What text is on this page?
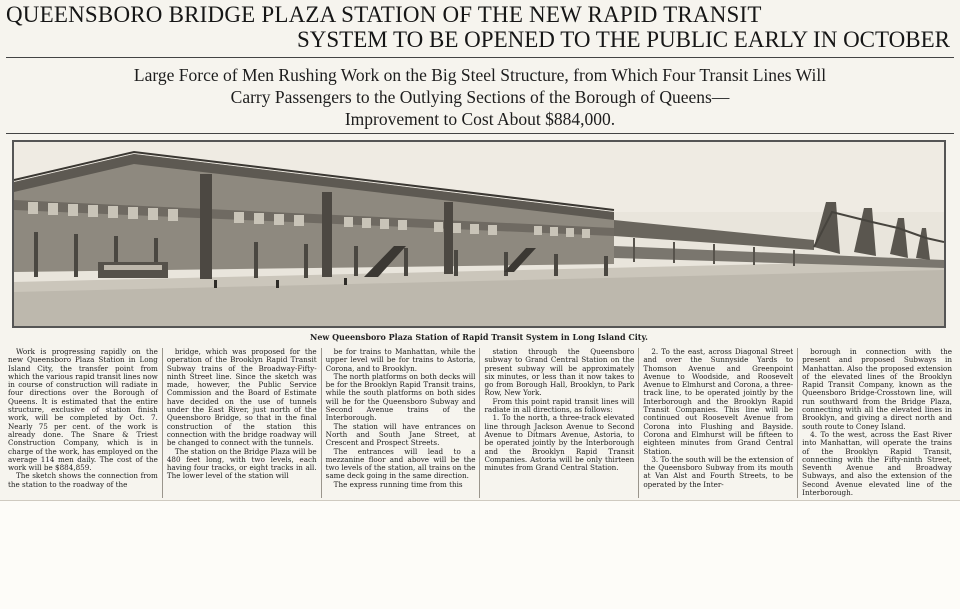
QUEENSBORO BRIDGE PLAZA STATION OF THE NEW RAPID TRANSIT
SYSTEM TO BE OPENED TO THE PUBLIC EARLY IN OCTOBER
Large Force of Men Rushing Work on the Big Steel Structure, from Which Four Transit Lines Will
Carry Passengers to the Outlying Sections of the Borough of Queens—
Improvement to Cost About $884,000.
New Queensboro Plaza Station of Rapid Transit System in Long Island City.

Work is progressing rapidly on the new Queensboro Plaza Station in Long Island City, the transfer point from which the various rapid transit lines now in course of construction will radiate in four directions over the Borough of Queens. It is estimated that the entire structure, exclusive of station finish work, will be completed by Oct. 7. Nearly 75 per cent. of the work is already done. The Snare & Triest Construction Company, which is in charge of the work, has employed on the average 114 men daily. The cost of the work will be $884,859.

The sketch shows the connection from the station to the roadway of the

bridge, which was proposed for the operation of the Brooklyn Rapid Transit Subway trains of the Broadway-Fifty-ninth Street line. Since the sketch was made, however, the Public Service Commission and the Board of Estimate have decided on the use of tunnels under the East River, just north of the Queensboro Bridge, so that in the final construction of the station this connection with the bridge roadway will be changed to connect with the tunnels.

The station on the Bridge Plaza will be 480 feet long, with two levels, each having four tracks, or eight tracks in all. The lower level of the station will

be for trains to Manhattan, while the upper level will be for trains to Astoria, Corona, and to Brooklyn.

The north platforms on both decks will be for the Brooklyn Rapid Transit trains, while the south platforms on both sides will be for the Queensboro Subway and Second Avenue trains of the Interborough.

The station will have entrances on North and South Jane Street, at Crescent and Prospect Streets.

The entrances will lead to a mezzanine floor and above will be the two levels of the station, all trains on the same deck going in the same direction.

The express running time from this

station through the Queensboro subway to Grand Central Station on the present subway will be approximately six minutes, or less than it now takes to go from Borough Hall, Brooklyn, to Park Row, New York.

From this point rapid transit lines will radiate in all directions, as follows:

1. To the north, a three-track elevated line through Jackson Avenue to Second Avenue to Ditmars Avenue, Astoria, to be operated jointly by the Interborough and the Brooklyn Rapid Transit Companies. Astoria will be only thirteen minutes from Grand Central Station.

2. To the east, across Diagonal Street and over the Sunnyside Yards to Thomson Avenue and Greenpoint Avenue to Woodside, and Roosevelt Avenue to Elmhurst and Corona, a three-track line, to be operated jointly by the Interborough and the Brooklyn Rapid Transit Companies. This line will be continued out Roosevelt Avenue from Corona into Flushing and Bayside. Corona and Elmhurst will be fifteen to eighteen minutes from Grand Central Station.

3. To the south will be the extension of the Queensboro Subway from its mouth at Van Alst and Fourth Streets, to be operated by the Inter-

borough in connection with the present and proposed Subways in Manhattan. Also the proposed extension of the elevated lines of the Brooklyn Rapid Transit Company, known as the Queensboro Bridge-Crosstown line, will run southward from the Bridge Plaza, connecting with all the elevated lines in Brooklyn, and giving a direct north and south route to Coney Island.

4. To the west, across the East River into Manhattan, will operate the trains of the Brooklyn Rapid Transit, connecting with the Fifty-ninth Street, Seventh Avenue and Broadway Subways, and also the extension of the Second Avenue elevated line of the Interborough.
